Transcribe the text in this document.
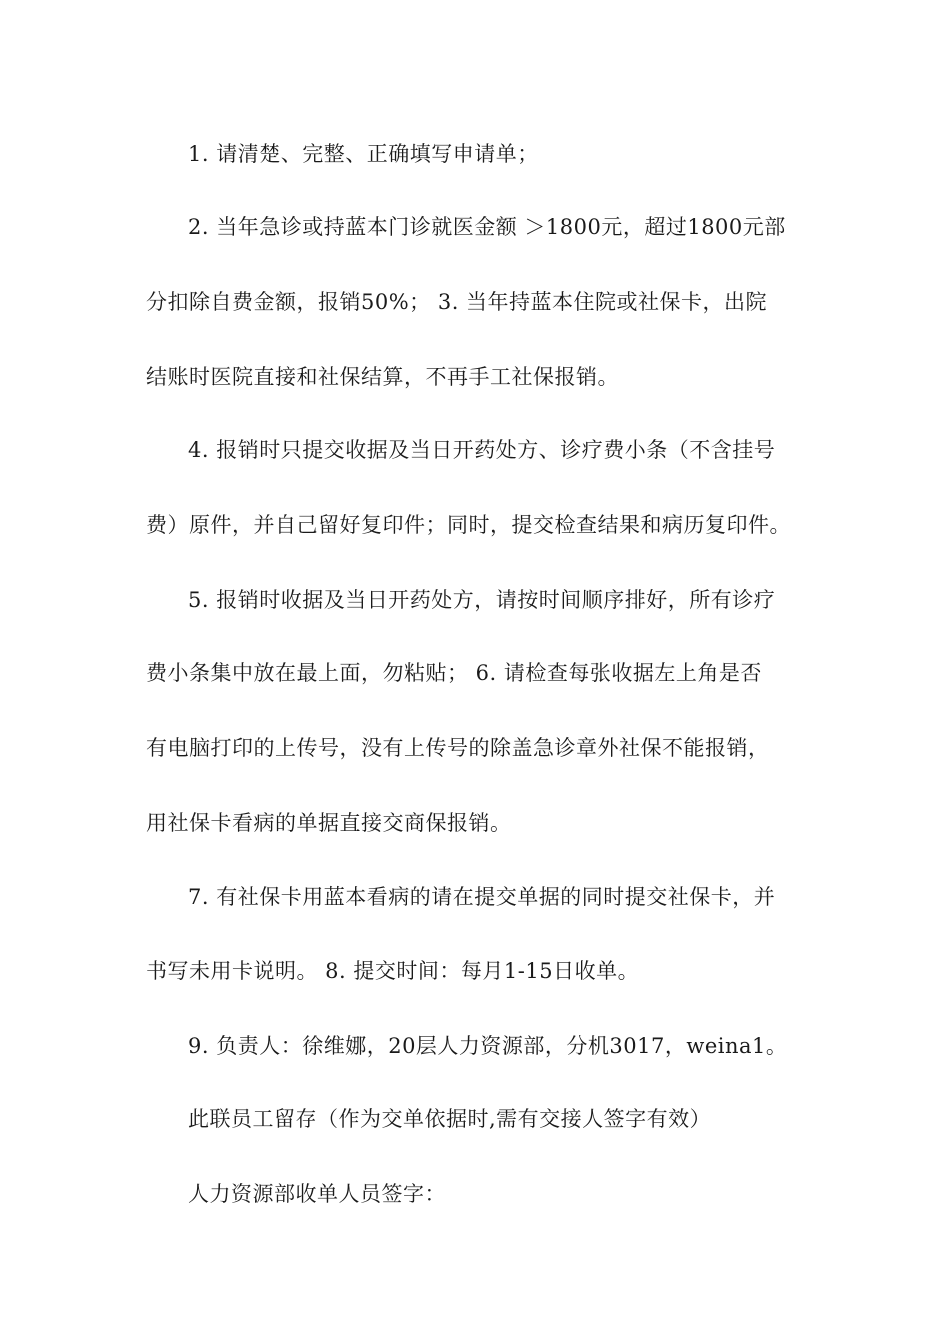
1. 请清楚、完整、正确填写申请单；
2. 当年急诊或持蓝本门诊就医金额 ＞1800元，超过1800元部
分扣除自费金额，报销50%； 3. 当年持蓝本住院或社保卡，出院
结账时医院直接和社保结算，不再手工社保报销。
4. 报销时只提交收据及当日开药处方、诊疗费小条（不含挂号
费）原件，并自己留好复印件；同时，提交检查结果和病历复印件。
5. 报销时收据及当日开药处方，请按时间顺序排好，所有诊疗
费小条集中放在最上面，勿粘贴； 6. 请检查每张收据左上角是否
有电脑打印的上传号，没有上传号的除盖急诊章外社保不能报销，
用社保卡看病的单据直接交商保报销。
7. 有社保卡用蓝本看病的请在提交单据的同时提交社保卡，并
书写未用卡说明。 8. 提交时间：每月1-15日收单。
9. 负责人：徐维娜，20层人力资源部，分机3017，weina1。
此联员工留存（作为交单依据时,需有交接人签字有效）
人力资源部收单人员签字：
